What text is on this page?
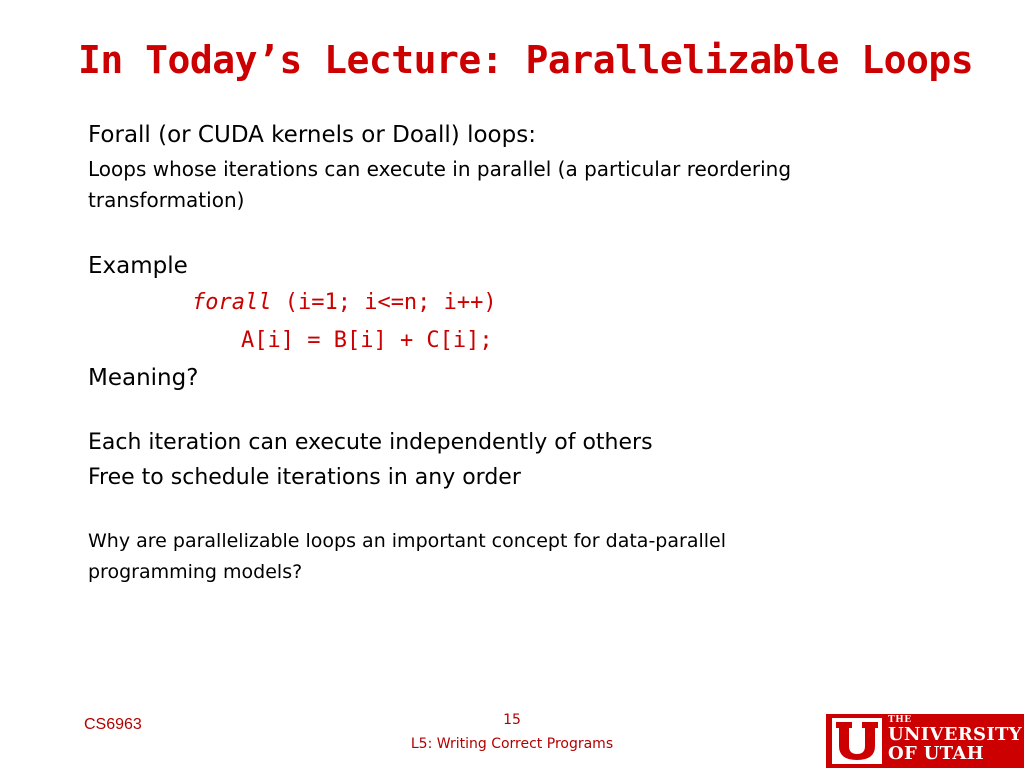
In Today’s Lecture: Parallelizable Loops
Forall (or CUDA kernels or Doall) loops:
Loops whose iterations can execute in parallel (a particular reordering
transformation)
Example
forall (i=1; i<=n; i++)
A[i] = B[i] + C[i];
Meaning?
Each iteration can execute independently of others
Free to schedule iterations in any order
Why are parallelizable loops an important concept for data-parallel
programming models?
CS6963	15
L5: Writing Correct Programs
THE
UNIVERSITY
OF UTAH
